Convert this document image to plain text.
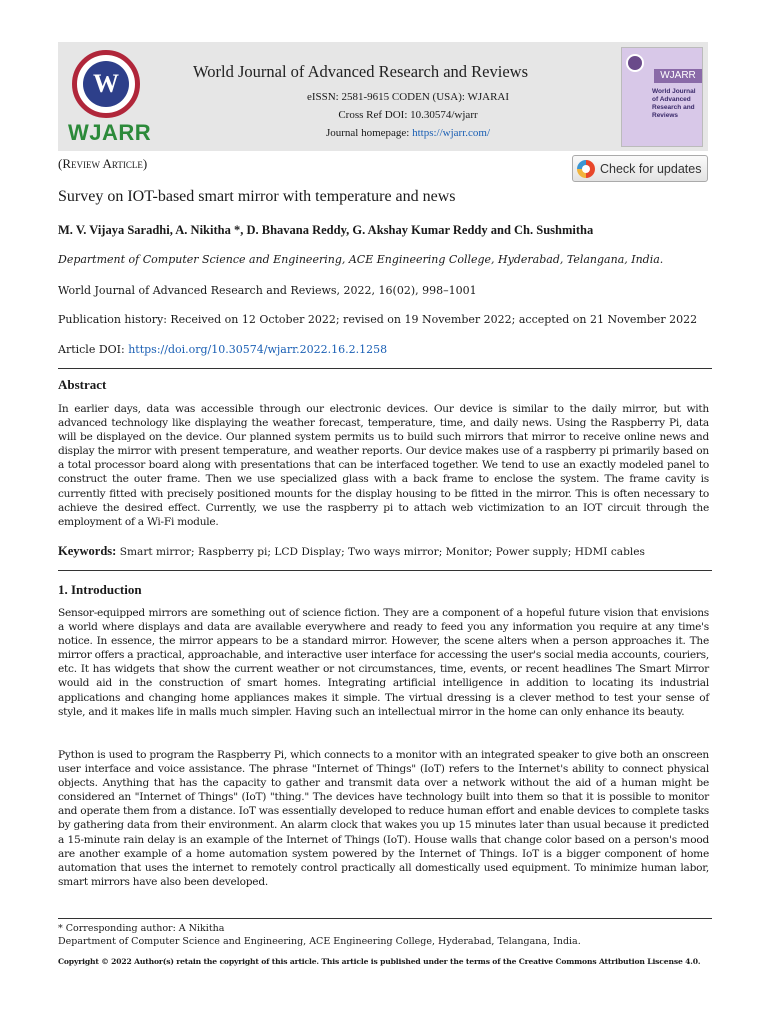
W
WJARR
World Journal of Advanced Research and Reviews
eISSN: 2581-9615 CODEN (USA): WJARAI
Cross Ref DOI: 10.30574/wjarr
Journal homepage: https://wjarr.com/
WJARR
World Journal of Advanced Research and Reviews
(Review Article)	Check for updates
Survey on IOT-based smart mirror with temperature and news
M. V. Vijaya Saradhi, A. Nikitha *, D. Bhavana Reddy, G. Akshay Kumar Reddy and Ch. Sushmitha
Department of Computer Science and Engineering, ACE Engineering College, Hyderabad, Telangana, India.
World Journal of Advanced Research and Reviews, 2022, 16(02), 998–1001
Publication history: Received on 12 October 2022; revised on 19 November 2022; accepted on 21 November 2022
Article DOI: https://doi.org/10.30574/wjarr.2022.16.2.1258
Abstract

In earlier days, data was accessible through our electronic devices. Our device is similar to the daily mirror, but with advanced technology like displaying the weather forecast, temperature, time, and daily news. Using the Raspberry Pi, data will be displayed on the device. Our planned system permits us to build such mirrors that mirror to receive online news and display the mirror with present temperature, and weather reports. Our device makes use of a raspberry pi primarily based on a total processor board along with presentations that can be interfaced together. We tend to use an exactly modeled panel to construct the outer frame. Then we use specialized glass with a back frame to enclose the system. The frame cavity is currently fitted with precisely positioned mounts for the display housing to be fitted in the mirror. This is often necessary to achieve the desired effect. Currently, we use the raspberry pi to attach web victimization to an IOT circuit through the employment of a Wi-Fi module.

Keywords: Smart mirror; Raspberry pi; LCD Display; Two ways mirror; Monitor; Power supply; HDMI cables
1. Introduction

Sensor-equipped mirrors are something out of science fiction. They are a component of a hopeful future vision that envisions a world where displays and data are available everywhere and ready to feed you any information you require at any time's notice. In essence, the mirror appears to be a standard mirror. However, the scene alters when a person approaches it. The mirror offers a practical, approachable, and interactive user interface for accessing the user's social media accounts, couriers, etc. It has widgets that show the current weather or not circumstances, time, events, or recent headlines The Smart Mirror would aid in the construction of smart homes. Integrating artificial intelligence in addition to locating its industrial applications and changing home appliances makes it simple. The virtual dressing is a clever method to test your sense of style, and it makes life in malls much simpler. Having such an intellectual mirror in the home can only enhance its beauty.

Python is used to program the Raspberry Pi, which connects to a monitor with an integrated speaker to give both an onscreen user interface and voice assistance. The phrase "Internet of Things" (IoT) refers to the Internet's ability to connect physical objects. Anything that has the capacity to gather and transmit data over a network without the aid of a human might be considered an "Internet of Things" (IoT) "thing." The devices have technology built into them so that it is possible to monitor and operate them from a distance. IoT was essentially developed to reduce human effort and enable devices to complete tasks by gathering data from their environment. An alarm clock that wakes you up 15 minutes later than usual because it predicted a 15-minute rain delay is an example of the Internet of Things (IoT). House walls that change color based on a person's mood are another example of a home automation system powered by the Internet of Things. IoT is a bigger component of home automation that uses the internet to remotely control practically all domestically used equipment. To minimize human labor, smart mirrors have also been developed.

* Corresponding author: A Nikitha
Department of Computer Science and Engineering, ACE Engineering College, Hyderabad, Telangana, India.
Copyright © 2022 Author(s) retain the copyright of this article. This article is published under the terms of the Creative Commons Attribution Liscense 4.0.
